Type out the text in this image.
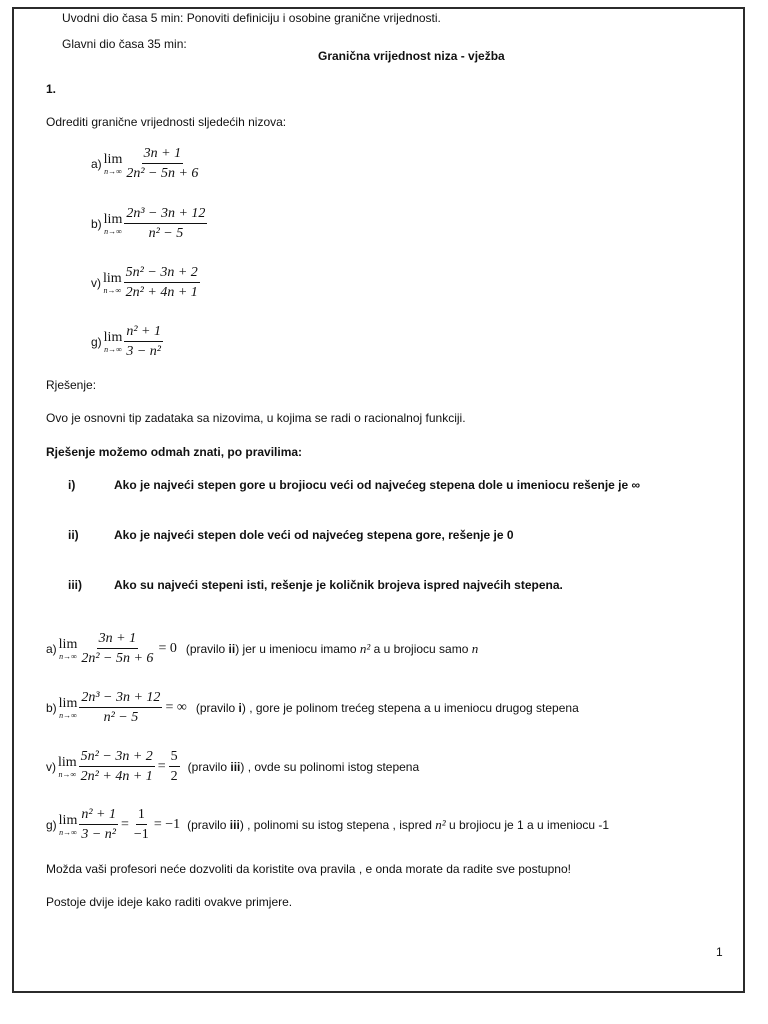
Uvodni dio časa 5 min: Ponoviti definiciju i osobine granične vrijednosti.
Glavni dio časa 35 min:
Granična vrijednost niza - vježba
1.
Odrediti granične vrijednosti sljedećih nizova:
a) lim
$n\to\infty \frac{3n + 1}{\text{2n² − 5n + 6}}$
b) lim
$n\to\infty \frac{\text{2n³ − 3n + 12}}{\text{n² − 5}}$
v) lim
$n\to\infty \frac{\text{5n² − 3n + 2}}{\text{2n² + 4n + 1}}$
g) lim
$n\to\infty \frac{\text{n² + 1}}{\text{3 − n²}}$
Rješenje:
Ovo je osnovni tip zadataka sa nizovima, u kojima se radi o racionalnoj funkciji.
Rješenje možemo odmah znati, po pravilima:
i)	Ako je najveći stepen gore u brojiocu veći od najvećeg stepena dole u imeniocu rešenje je ∞
ii)	Ako je najveći stepen dole veći od najvećeg stepena gore, rešenje je 0
iii)	Ako su najveći stepeni isti, rešenje je količnik brojeva ispred najvećih stepena.
a) lim
$n\to\infty \frac{3n + 1}{\text{2n² − 5n + 6}} = 0$ (pravilo ii) jer u imeniocu imamo n² a u brojiocu samo n
b) lim
$n\to\infty \frac{\text{2n³ − 3n + 12}}{\text{n² − 5}}$ = ∞ (pravilo i) , gore je polinom trećeg stepena a u imeniocu drugog stepena
v) lim
$n\to\infty \frac{\text{5n² − 3n + 2}}{\text{2n² + 4n + 1}} = \frac{5}{2}$ (pravilo iii) , ovde su polinomi istog stepena
g) lim
$n\to\infty \frac{\text{n² + 1}}{\text{3 − n²}} = \frac{1}{-1} = -1$ (pravilo iii) , polinomi su istog stepena , ispred n² u brojiocu je 1 a u imeniocu -1
Možda vaši profesori neće dozvoliti da koristite ova pravila , e onda morate da radite sve postupno!
Postoje dvije ideje kako raditi ovakve primjere.
1
